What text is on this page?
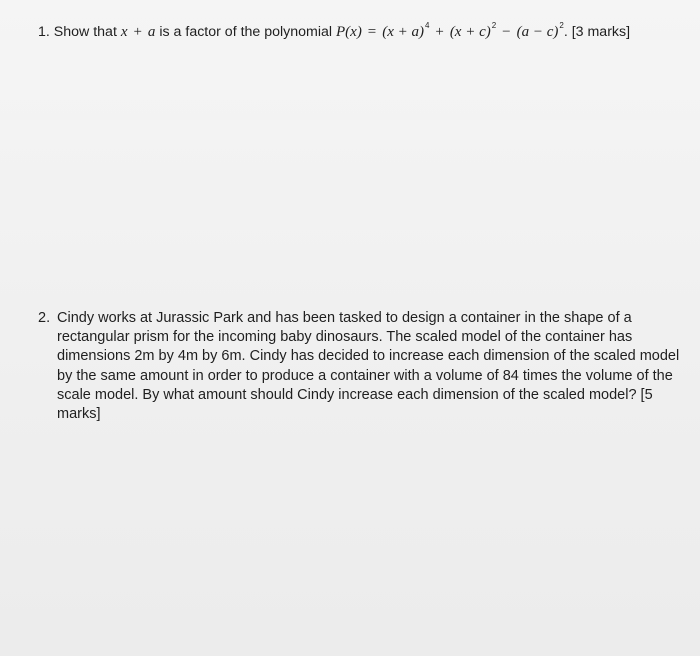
1. Show that x + a is a factor of the polynomial $P(x) = (x + a)^4 + (x + c)^2 - (a - c)^2$. [3 marks]
2. Cindy works at Jurassic Park and has been tasked to design a container in the shape of a
rectangular prism for the incoming baby dinosaurs. The scaled model of the container has
dimensions 2m by 4m by 6m. Cindy has decided to increase each dimension of the scaled model
by the same amount in order to produce a container with a volume of 84 times the volume of the
scale model. By what amount should Cindy increase each dimension of the scaled model? [5
marks]
